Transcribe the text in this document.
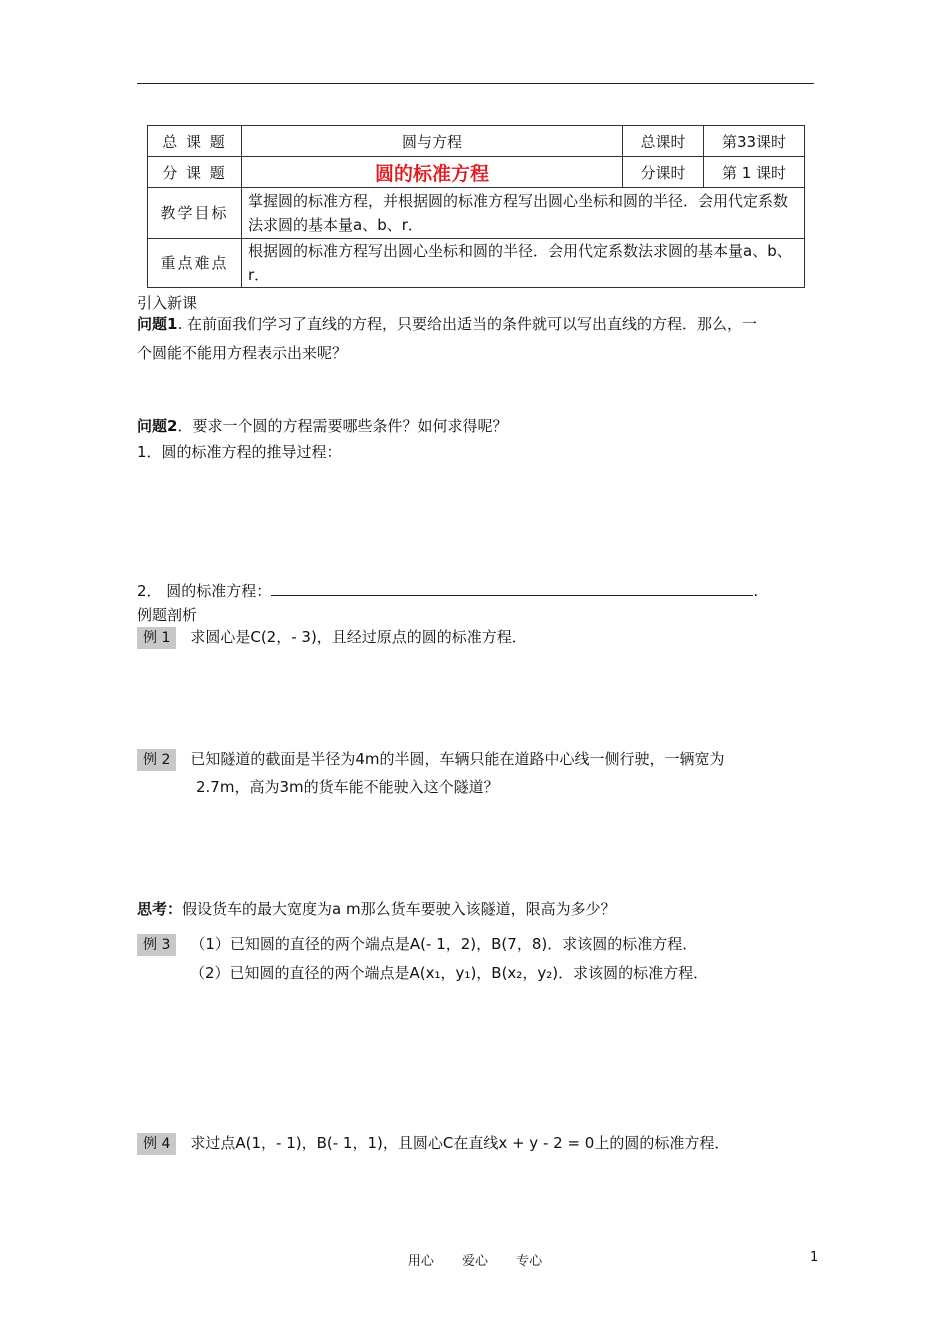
总 课 题	圆与方程	总课时	第33课时
分 课 题	圆的标准方程	分课时	第 1 课时
教学目标	掌握圆的标准方程，并根据圆的标准方程写出圆心坐标和圆的半径．会用代定系数法求圆的基本量a、b、r．		
重点难点	根据圆的标准方程写出圆心坐标和圆的半径．会用代定系数法求圆的基本量a、b、r．		
引入新课
问题1. 在前面我们学习了直线的方程，只要给出适当的条件就可以写出直线的方程．那么，一
个圆能不能用方程表示出来呢？
问题2．要求一个圆的方程需要哪些条件？如何求得呢？
1．圆的标准方程的推导过程：
2． 圆的标准方程：	.
例题剖析
例 1 求圆心是C(2，- 3)，且经过原点的圆的标准方程．
例 2 已知隧道的截面是半径为4m的半圆，车辆只能在道路中心线一侧行驶，一辆宽为
2.7m，高为3m的货车能不能驶入这个隧道？
思考：假设货车的最大宽度为a m那么货车要驶入该隧道，限高为多少？
例 3 （1）已知圆的直径的两个端点是A(- 1，2)，B(7，8)．求该圆的标准方程．
（2）已知圆的直径的两个端点是A(x₁，y₁)，B(x₂，y₂)．求该圆的标准方程．
例 4 求过点A(1，- 1)，B(- 1，1)，且圆心C在直线x + y - 2 = 0上的圆的标准方程．
用心 爱心 专心	1
